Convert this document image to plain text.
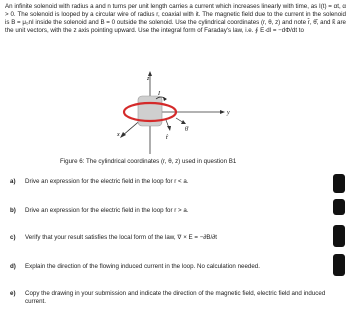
An infinite solenoid with radius a and n turns per unit length carries a current which increases linearly with time, as I(t) = αt, α > 0. The solenoid is looped by a circular wire of radius r, coaxial with it. The magnetic field due to the current in the solenoid is B = μ₀nI inside the solenoid and B = 0 outside the solenoid. Use the cylindrical coordinates (r, θ, z) and note r̂, θ̂, and k̂ are the unit vectors, with the z axis pointing upward. Use the integral form of Faraday's law, i.e. ∮ E·dl = −dΦ/dt to
z
y
x
I
θ̂
r̂
Figure 6: The cylindrical coordinates (r, θ, z) used in question B1
a) Drive an expression for the electric field in the loop for r < a.
b) Drive an expression for the electric field in the loop for r > a.
c) Verify that your result satisfies the local form of the law, ∇ × E = −∂B/∂t
d) Explain the direction of the flowing induced current in the loop. No calculation needed.
e) Copy the drawing in your submission and indicate the direction of the magnetic field, electric field and induced current.
